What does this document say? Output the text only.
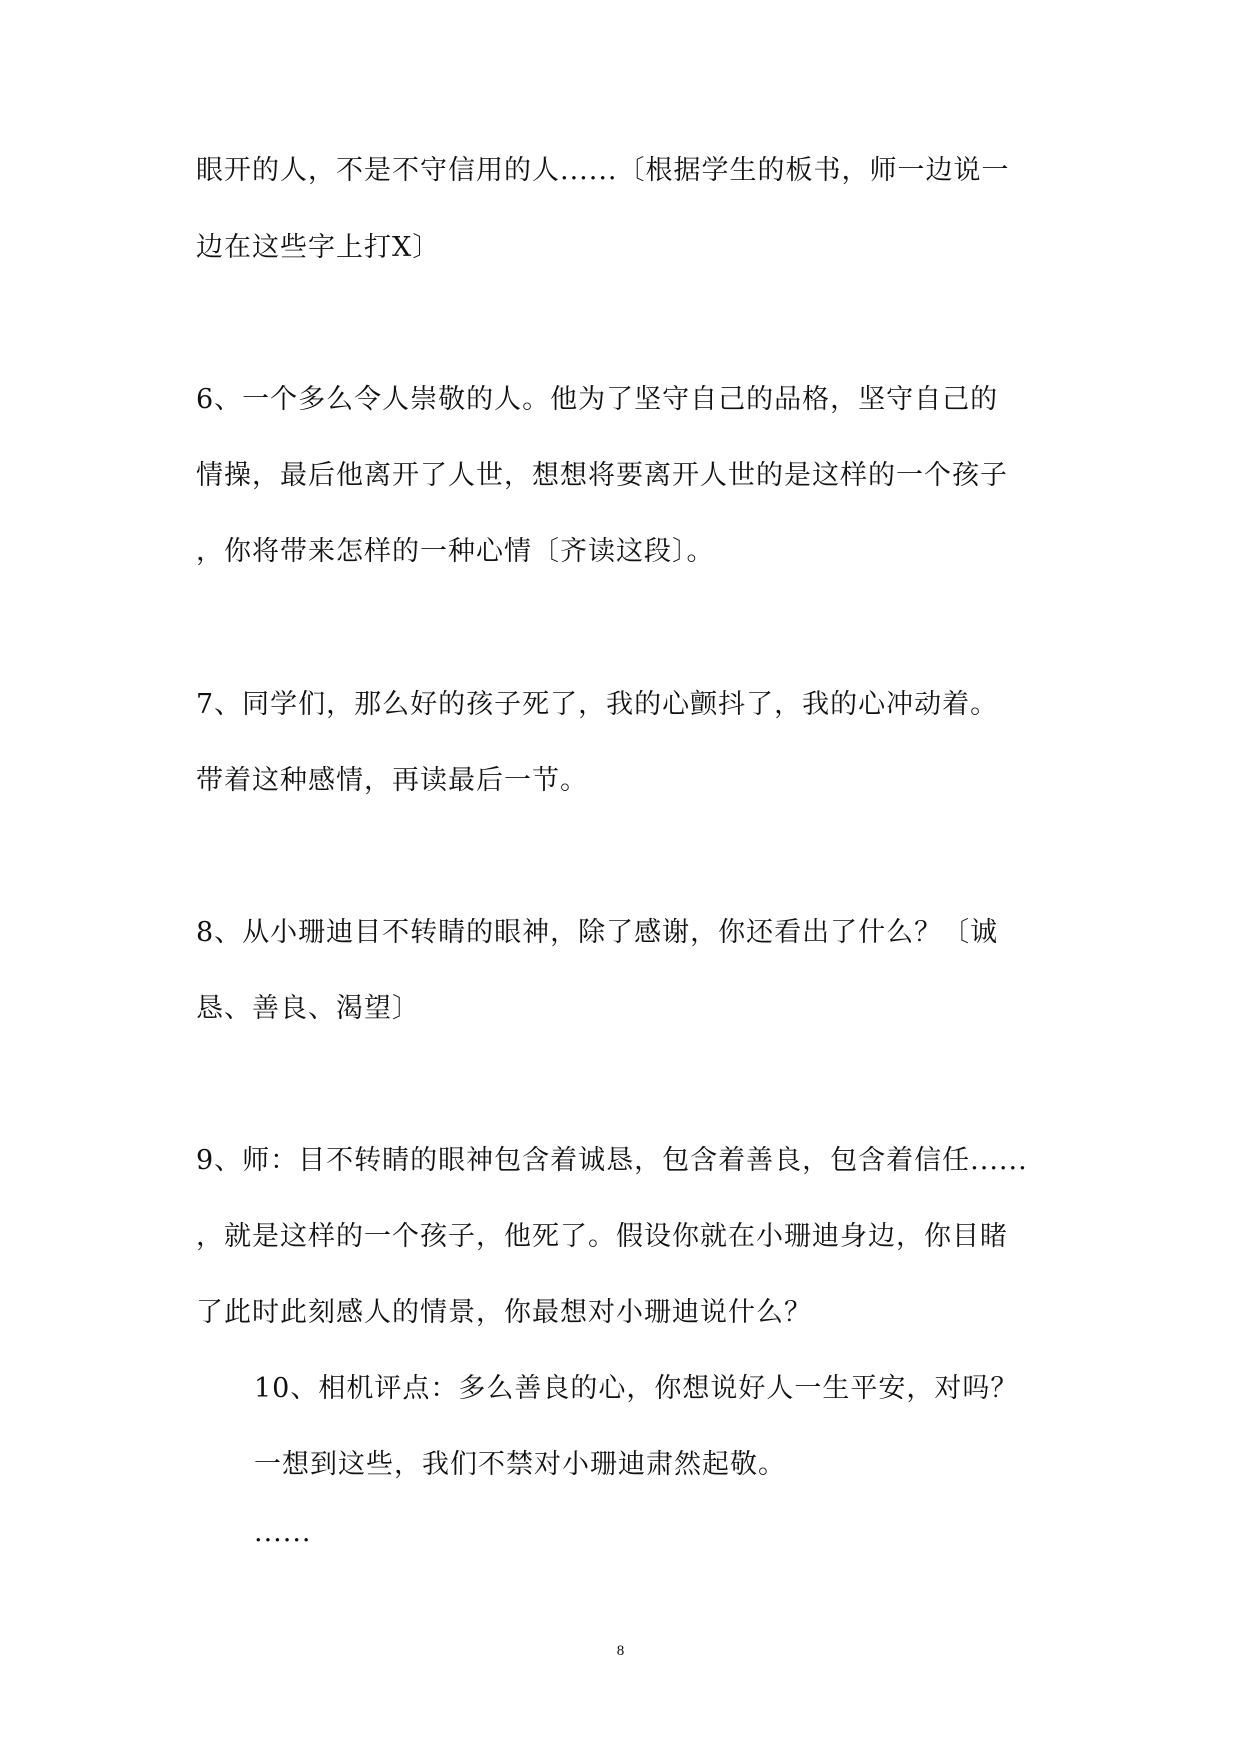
眼开的人，不是不守信用的人......〔根据学生的板书，师一边说一
边在这些字上打X〕
6、一个多么令人崇敬的人。他为了坚守自己的品格，坚守自己的
情操，最后他离开了人世，想想将要离开人世的是这样的一个孩子
，你将带来怎样的一种心情〔齐读这段〕。
7、同学们，那么好的孩子死了，我的心颤抖了，我的心冲动着。
带着这种感情，再读最后一节。
8、从小珊迪目不转睛的眼神，除了感谢，你还看出了什么？〔诚
恳、善良、渴望〕
9、师：目不转睛的眼神包含着诚恳，包含着善良，包含着信任......
，就是这样的一个孩子，他死了。假设你就在小珊迪身边，你目睹
了此时此刻感人的情景，你最想对小珊迪说什么？
10、相机评点：多么善良的心，你想说好人一生平安，对吗？
一想到这些，我们不禁对小珊迪肃然起敬。
......
8
